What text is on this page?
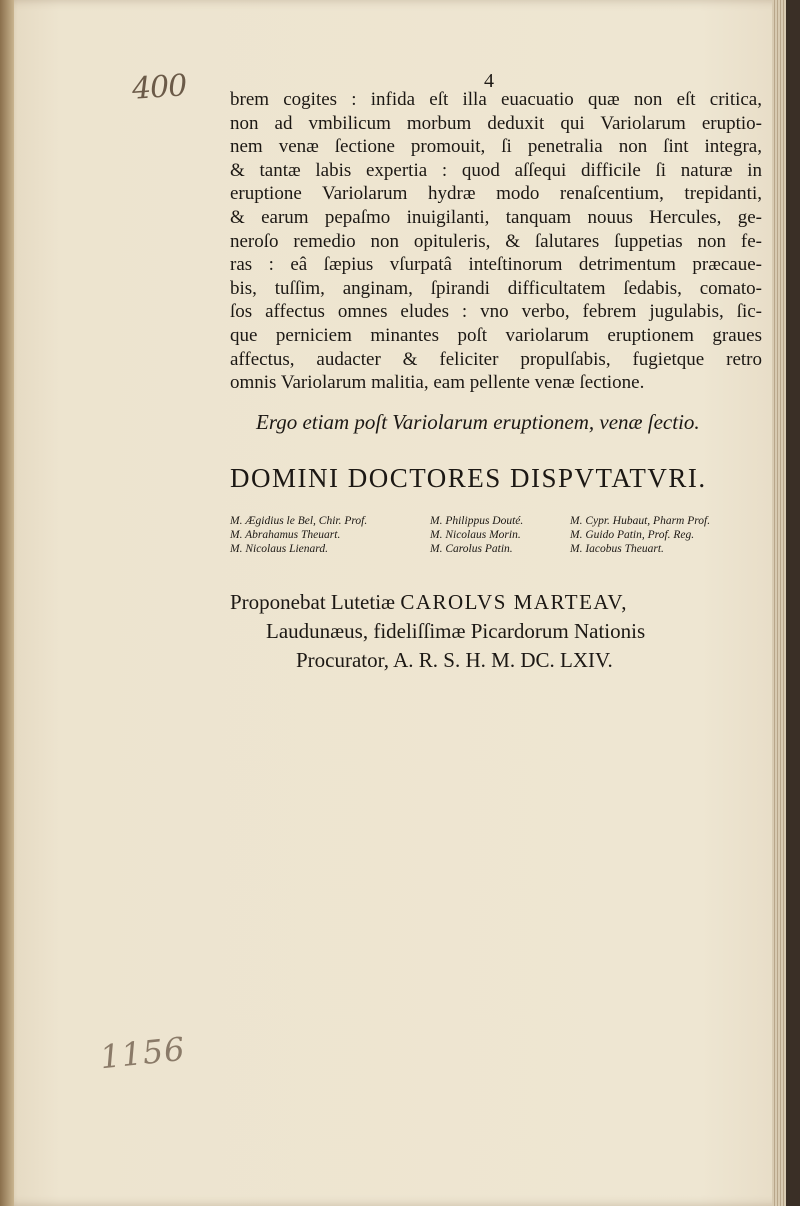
400	4
brem cogites : infida eſt illa euacuatio quæ non eſt critica,
non ad vmbilicum morbum deduxit qui Variolarum eruptio-
nem venæ ſectione promouit, ſi penetralia non ſint integra,
& tantæ labis expertia : quod aſſequi difficile ſi naturæ in
eruptione Variolarum hydræ modo renaſcentium, trepidanti,
& earum pepaſmo inuigilanti, tanquam nouus Hercules, ge-
neroſo remedio non opituleris, & ſalutares ſuppetias non fe-
ras : eâ ſæpius vſurpatâ inteſtinorum detrimentum præcaue-
bis, tuſſim, anginam, ſpirandi difficultatem ſedabis, comato-
ſos affectus omnes eludes : vno verbo, febrem jugulabis, ſic-
que perniciem minantes poſt variolarum eruptionem graues
affectus, audacter & feliciter propulſabis, fugietque retro
omnis Variolarum malitia, eam pellente venæ ſectione.
Ergo etiam poſt Variolarum eruptionem, venæ ſectio.
DOMINI DOCTORES DISPVTATVRI.
M. Ægidius le Bel, Chir. Prof.	M. Philippus Douté.	M. Cypr. Hubaut, Pharm Prof.
M. Abrahamus Theuart.	M. Nicolaus Morin.	M. Guido Patin, Prof. Reg.
M. Nicolaus Lienard.	M. Carolus Patin.	M. Iacobus Theuart.
Proponebat Lutetiæ CAROLVS MARTEAV,
Laudunæus, fideliſſimæ Picardorum Nationis
Procurator, A. R. S. H. M. DC. LXIV.
1156
